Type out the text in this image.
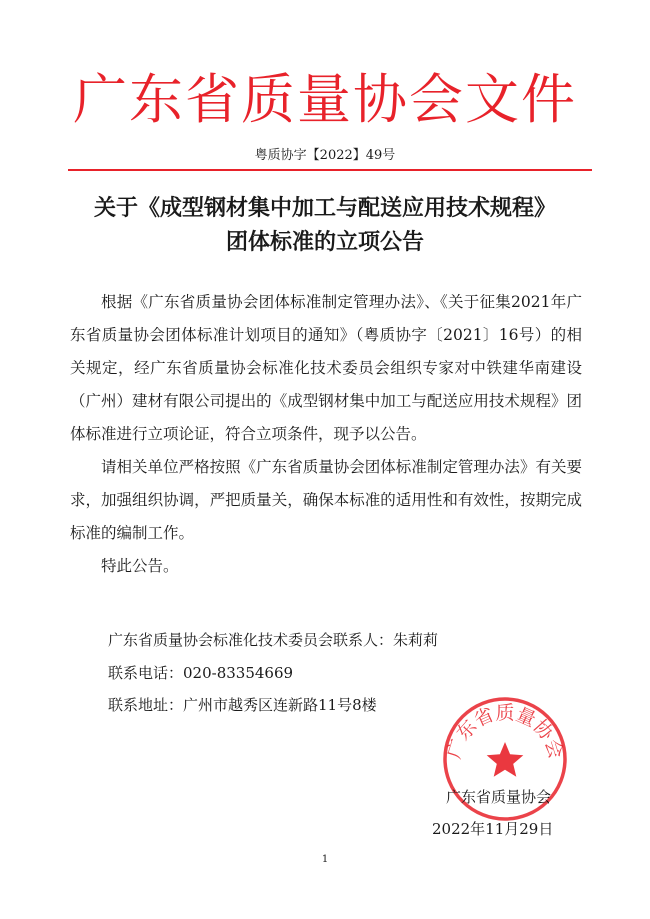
广东省质量协会文件
粤质协字【2022】49号
关于《成型钢材集中加工与配送应用技术规程》
团体标准的立项公告

根据《广东省质量协会团体标准制定管理办法》、《关于征集2021年广东省质量协会团体标准计划项目的通知》（粤质协字〔2021〕16号）的相关规定，经广东省质量协会标准化技术委员会组织专家对中铁建华南建设（广州）建材有限公司提出的《成型钢材集中加工与配送应用技术规程》团体标准进行立项论证，符合立项条件，现予以公告。

请相关单位严格按照《广东省质量协会团体标准制定管理办法》有关要求，加强组织协调，严把质量关，确保本标准的适用性和有效性，按期完成标准的编制工作。

特此公告。

广东省质量协会标准化技术委员会联系人：朱莉莉
联系电话：020-83354669
联系地址：广州市越秀区连新路11号8楼
广东省质量协会
广东省质量协会
2022年11月29日
1
